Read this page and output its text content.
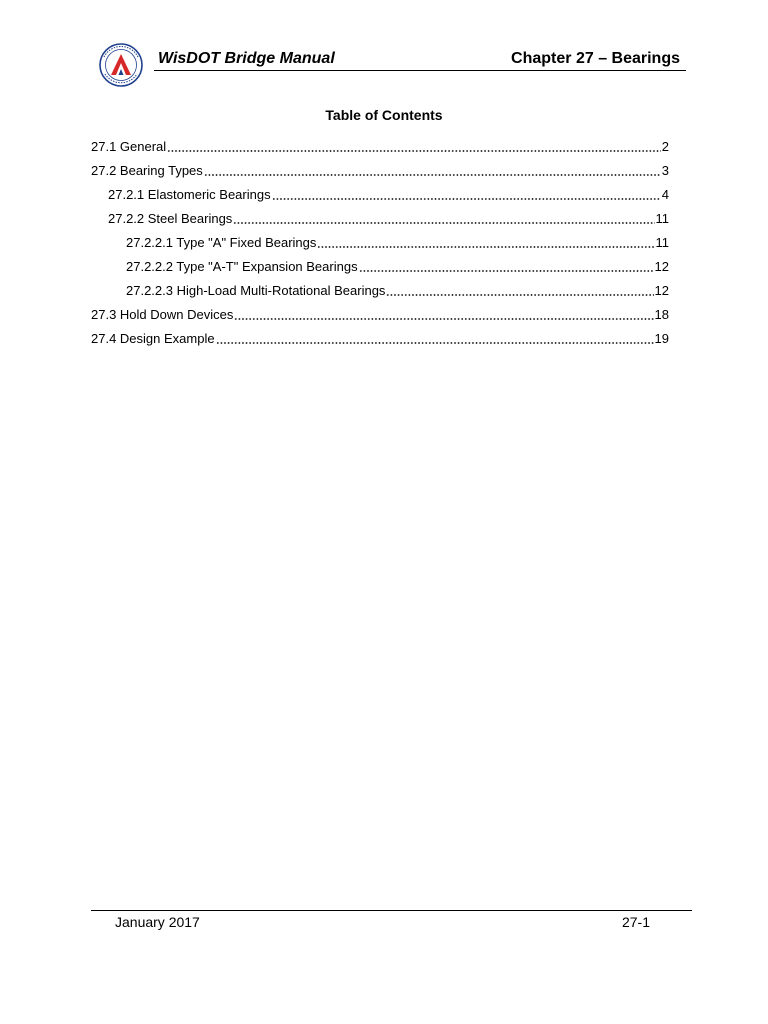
WisDOT Bridge Manual	Chapter 27 – Bearings
Table of Contents
27.1 General	2
27.2 Bearing Types	3
27.2.1 Elastomeric Bearings	4
27.2.2 Steel Bearings	11
27.2.2.1 Type "A" Fixed Bearings	11
27.2.2.2 Type "A-T" Expansion Bearings	12
27.2.2.3 High-Load Multi-Rotational Bearings	12
27.3 Hold Down Devices	18
27.4 Design Example	19
January 2017	27-1
